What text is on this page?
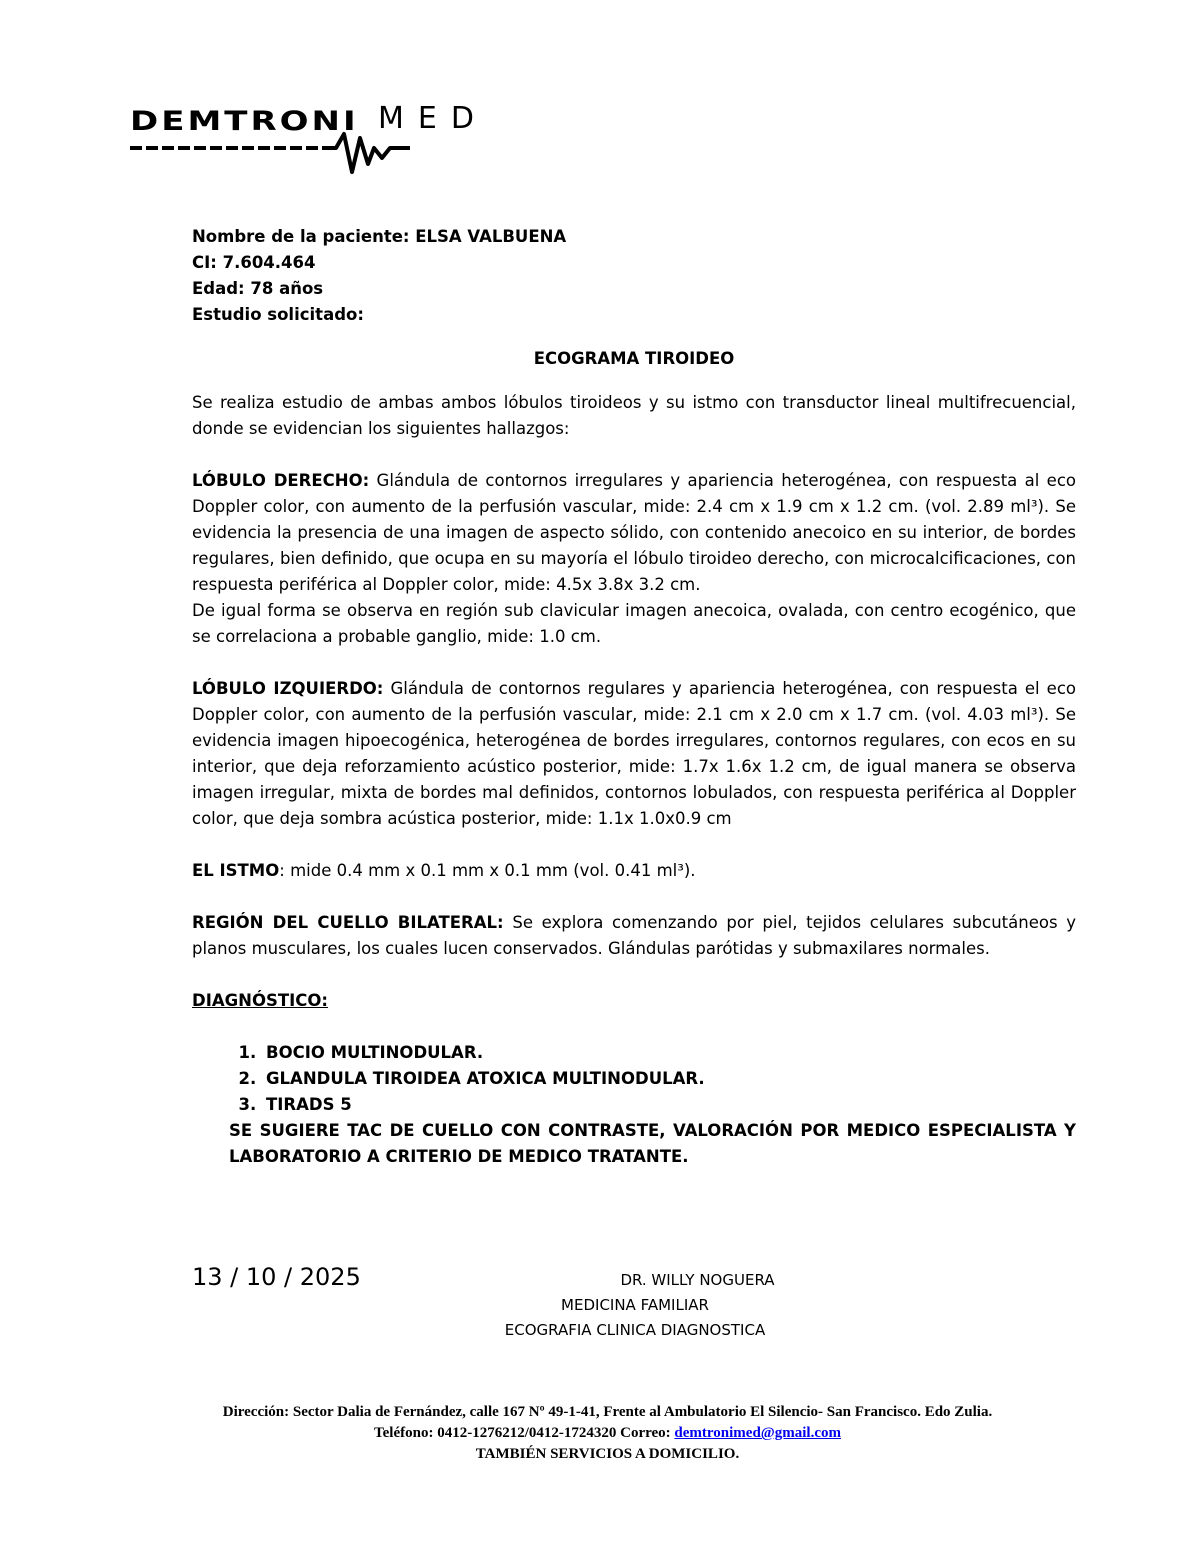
DEMTRONI MED

Nombre de la paciente: ELSA VALBUENA

CI: 7.604.464

Edad: 78 años

Estudio solicitado:

ECOGRAMA TIROIDEO

Se realiza estudio de ambas ambos lóbulos tiroideos y su istmo con transductor lineal multifrecuencial, donde se evidencian los siguientes hallazgos:

LÓBULO DERECHO: Glándula de contornos irregulares y apariencia heterogénea, con respuesta al eco Doppler color, con aumento de la perfusión vascular, mide: 2.4 cm x 1.9 cm x 1.2 cm. (vol. 2.89 ml³). Se evidencia la presencia de una imagen de aspecto sólido, con contenido anecoico en su interior, de bordes regulares, bien definido, que ocupa en su mayoría el lóbulo tiroideo derecho, con microcalcificaciones, con respuesta periférica al Doppler color, mide: 4.5x 3.8x 3.2 cm.

De igual forma se observa en región sub clavicular imagen anecoica, ovalada, con centro ecogénico, que se correlaciona a probable ganglio, mide: 1.0 cm.

LÓBULO IZQUIERDO: Glándula de contornos regulares y apariencia heterogénea, con respuesta el eco Doppler color, con aumento de la perfusión vascular, mide: 2.1 cm x 2.0 cm x 1.7 cm. (vol. 4.03 ml³). Se evidencia imagen hipoecogénica, heterogénea de bordes irregulares, contornos regulares, con ecos en su interior, que deja reforzamiento acústico posterior, mide: 1.7x 1.6x 1.2 cm, de igual manera se observa imagen irregular, mixta de bordes mal definidos, contornos lobulados, con respuesta periférica al Doppler color, que deja sombra acústica posterior, mide: 1.1x 1.0x0.9 cm

EL ISTMO: mide 0.4 mm x 0.1 mm x 0.1 mm (vol. 0.41 ml³).

REGIÓN DEL CUELLO BILATERAL: Se explora comenzando por piel, tejidos celulares subcutáneos y planos musculares, los cuales lucen conservados. Glándulas parótidas y submaxilares normales.

DIAGNÓSTICO:

1. BOCIO MULTINODULAR.
2. GLANDULA TIROIDEA ATOXICA MULTINODULAR.
3. TIRADS 5
SE SUGIERE TAC DE CUELLO CON CONTRASTE, VALORACIÓN POR MEDICO ESPECIALISTA Y LABORATORIO A CRITERIO DE MEDICO TRATANTE.
13 / 10 / 2025	DR. WILLY NOGUERA
MEDICINA FAMILIAR
ECOGRAFIA CLINICA DIAGNOSTICA
Dirección: Sector Dalia de Fernández, calle 167 Nº 49-1-41, Frente al Ambulatorio El Silencio- San Francisco. Edo Zulia.
Teléfono: 0412-1276212/0412-1724320 Correo: demtronimed@gmail.com
TAMBIÉN SERVICIOS A DOMICILIO.
